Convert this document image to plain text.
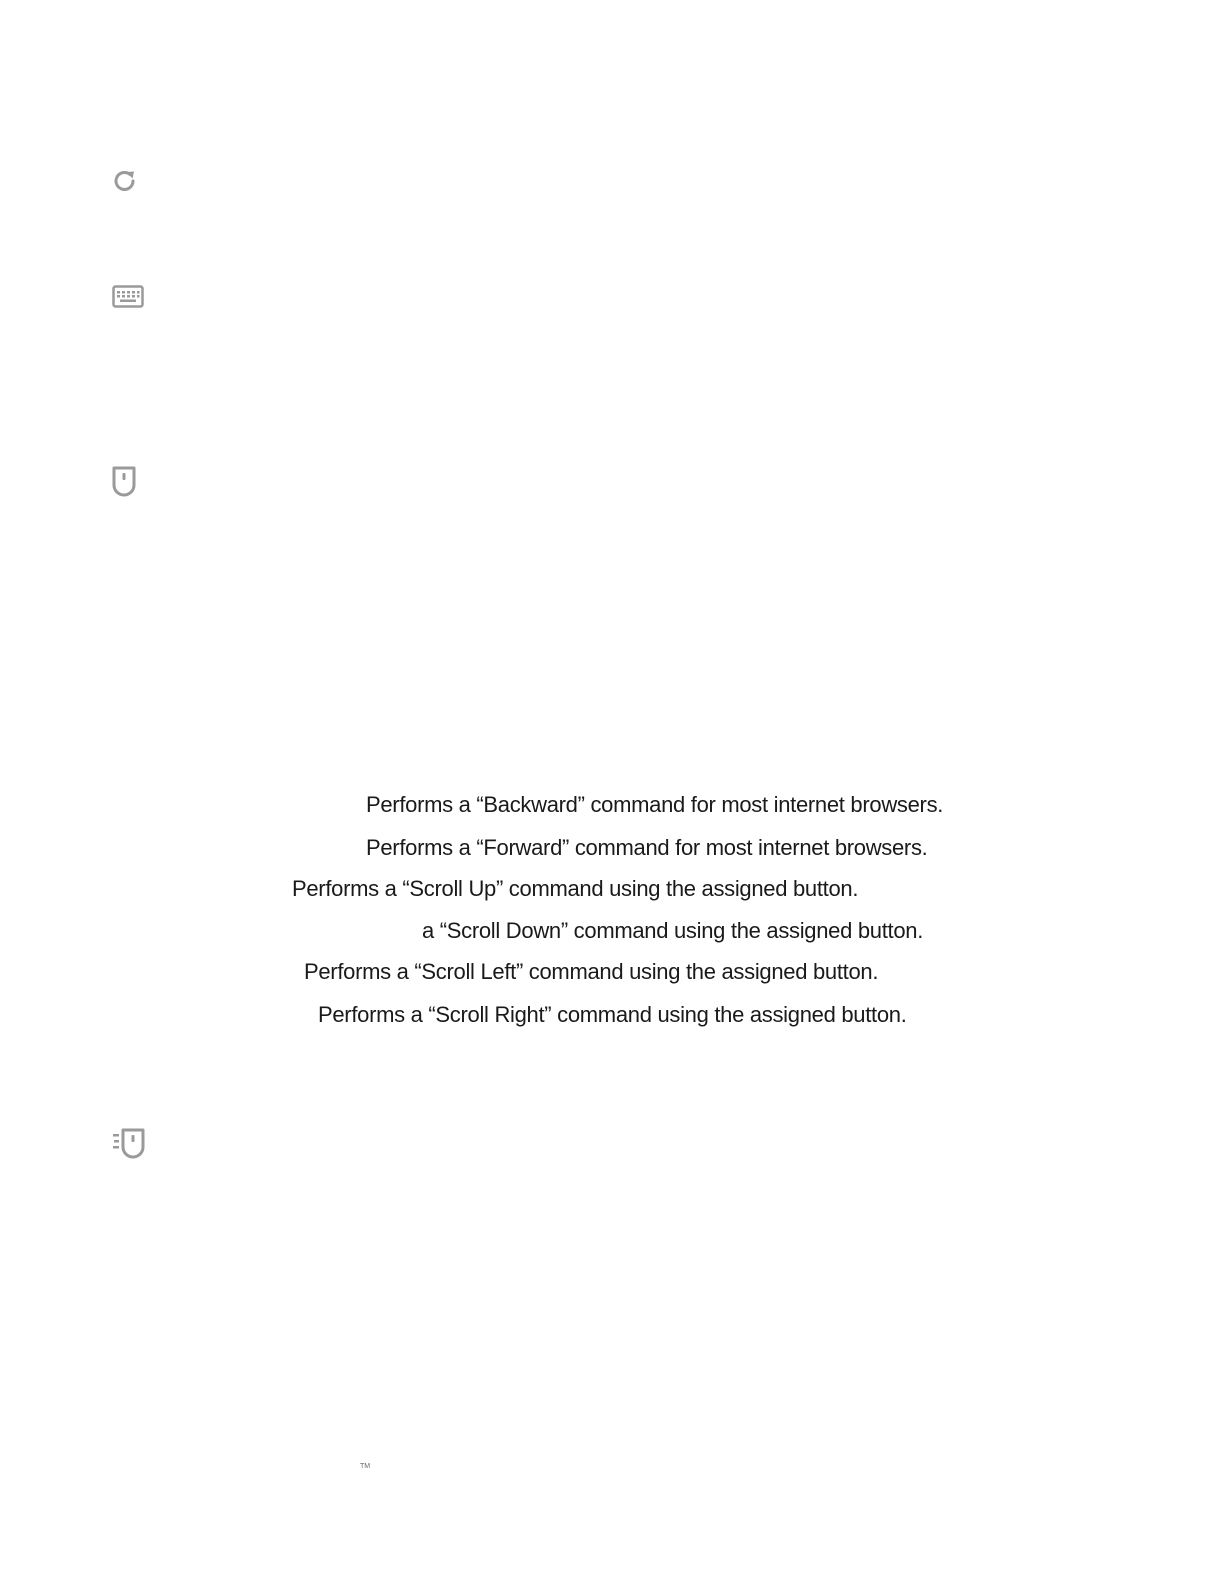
Performs a “Backward” command for most internet browsers.
Performs a “Forward” command for most internet browsers.
Performs a “Scroll Up” command using the assigned button.
a “Scroll Down” command using the assigned button.
Performs a “Scroll Left” command using the assigned button.
Performs a “Scroll Right” command using the assigned button.
TM
